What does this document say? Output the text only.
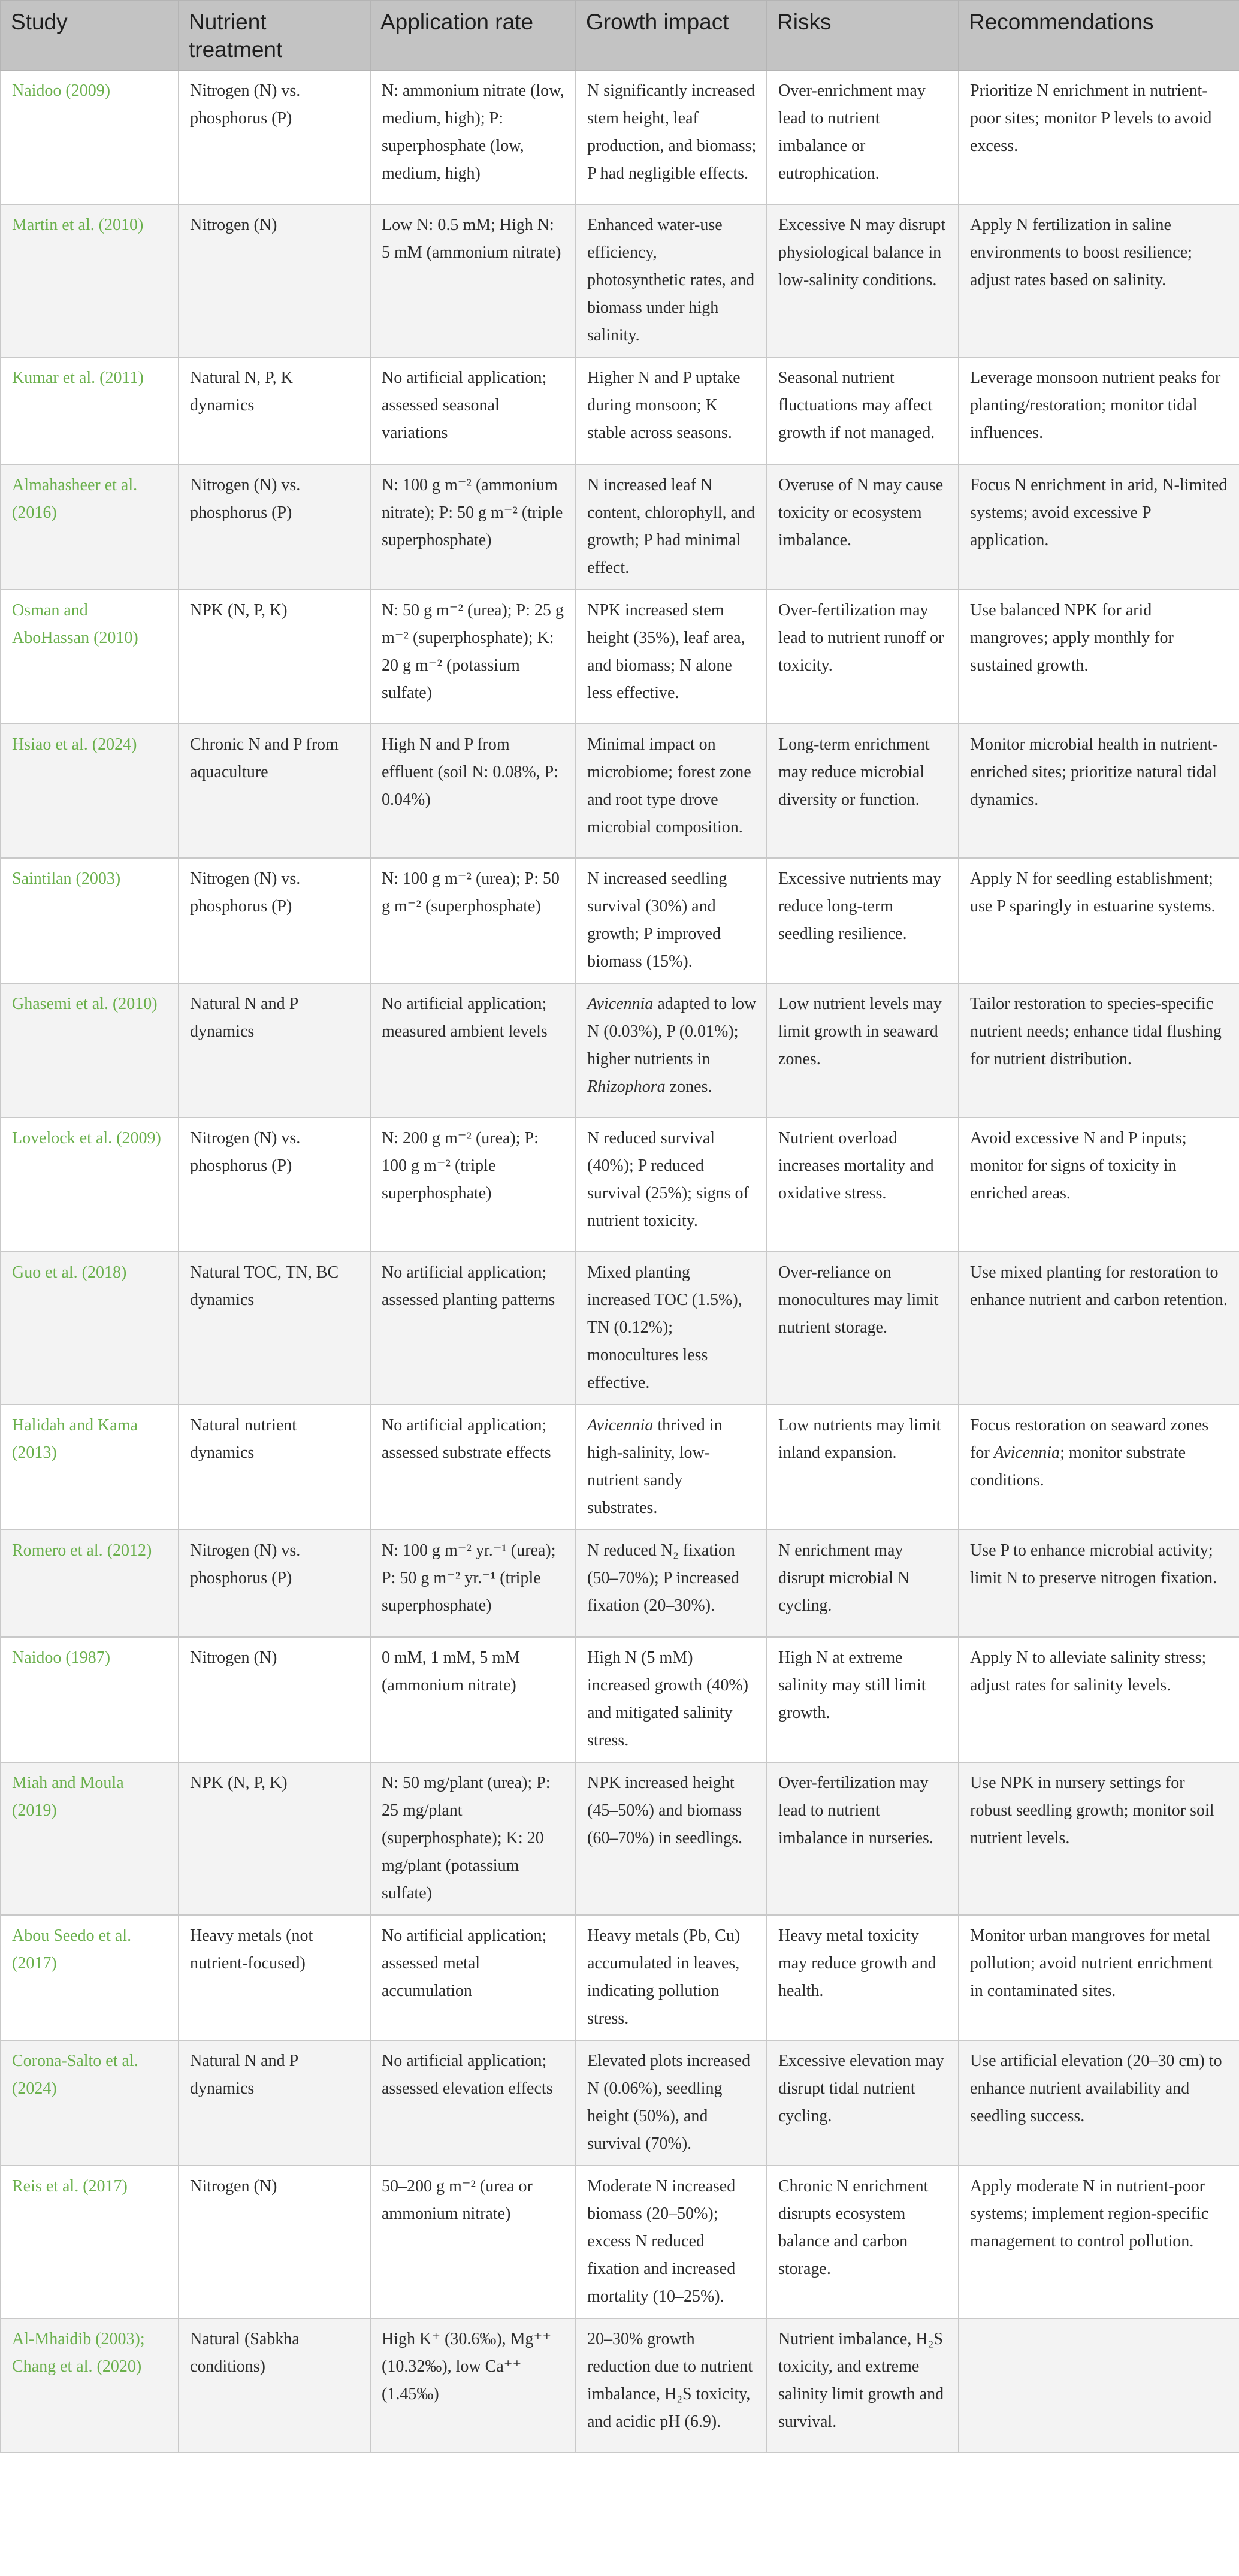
Study	Nutrient treatment	Application rate	Growth impact	Risks	Recommendations
Naidoo (2009)	Nitrogen (N) vs. phosphorus (P)	N: ammonium nitrate (low, medium, high); P: superphosphate (low, medium, high)	N significantly increased stem height, leaf production, and biomass; P had negligible effects.	Over-enrichment may lead to nutrient imbalance or eutrophication.	Prioritize N enrichment in nutrient-poor sites; monitor P levels to avoid excess.
Martin et al. (2010)	Nitrogen (N)	Low N: 0.5 mM; High N: 5 mM (ammonium nitrate)	Enhanced water-use efficiency, photosynthetic rates, and biomass under high salinity.	Excessive N may disrupt physiological balance in low-salinity conditions.	Apply N fertilization in saline environments to boost resilience; adjust rates based on salinity.
Kumar et al. (2011)	Natural N, P, K dynamics	No artificial application; assessed seasonal variations	Higher N and P uptake during monsoon; K stable across seasons.	Seasonal nutrient fluctuations may affect growth if not managed.	Leverage monsoon nutrient peaks for planting/restoration; monitor tidal influences.
Almahasheer et al. (2016)	Nitrogen (N) vs. phosphorus (P)	N: 100 g m⁻² (ammonium nitrate); P: 50 g m⁻² (triple superphosphate)	N increased leaf N content, chlorophyll, and growth; P had minimal effect.	Overuse of N may cause toxicity or ecosystem imbalance.	Focus N enrichment in arid, N-limited systems; avoid excessive P application.
Osman and AboHassan (2010)	NPK (N, P, K)	N: 50 g m⁻² (urea); P: 25 g m⁻² (superphosphate); K: 20 g m⁻² (potassium sulfate)	NPK increased stem height (35%), leaf area, and biomass; N alone less effective.	Over-fertilization may lead to nutrient runoff or toxicity.	Use balanced NPK for arid mangroves; apply monthly for sustained growth.
Hsiao et al. (2024)	Chronic N and P from aquaculture	High N and P from effluent (soil N: 0.08%, P: 0.04%)	Minimal impact on microbiome; forest zone and root type drove microbial composition.	Long-term enrichment may reduce microbial diversity or function.	Monitor microbial health in nutrient-enriched sites; prioritize natural tidal dynamics.
Saintilan (2003)	Nitrogen (N) vs. phosphorus (P)	N: 100 g m⁻² (urea); P: 50 g m⁻² (superphosphate)	N increased seedling survival (30%) and growth; P improved biomass (15%).	Excessive nutrients may reduce long-term seedling resilience.	Apply N for seedling establishment; use P sparingly in estuarine systems.
Ghasemi et al. (2010)	Natural N and P dynamics	No artificial application; measured ambient levels	Avicennia adapted to low N (0.03%), P (0.01%); higher nutrients in Rhizophora zones.	Low nutrient levels may limit growth in seaward zones.	Tailor restoration to species-specific nutrient needs; enhance tidal flushing for nutrient distribution.
Lovelock et al. (2009)	Nitrogen (N) vs. phosphorus (P)	N: 200 g m⁻² (urea); P: 100 g m⁻² (triple superphosphate)	N reduced survival (40%); P reduced survival (25%); signs of nutrient toxicity.	Nutrient overload increases mortality and oxidative stress.	Avoid excessive N and P inputs; monitor for signs of toxicity in enriched areas.
Guo et al. (2018)	Natural TOC, TN, BC dynamics	No artificial application; assessed planting patterns	Mixed planting increased TOC (1.5%), TN (0.12%); monocultures less effective.	Over-reliance on monocultures may limit nutrient storage.	Use mixed planting for restoration to enhance nutrient and carbon retention.
Halidah and Kama (2013)	Natural nutrient dynamics	No artificial application; assessed substrate effects	Avicennia thrived in high-salinity, low-nutrient sandy substrates.	Low nutrients may limit inland expansion.	Focus restoration on seaward zones for Avicennia; monitor substrate conditions.
Romero et al. (2012)	Nitrogen (N) vs. phosphorus (P)	N: 100 g m⁻² yr.⁻¹ (urea); P: 50 g m⁻² yr.⁻¹ (triple superphosphate)	N reduced N₂ fixation (50–70%); P increased fixation (20–30%).	N enrichment may disrupt microbial N cycling.	Use P to enhance microbial activity; limit N to preserve nitrogen fixation.
Naidoo (1987)	Nitrogen (N)	0 mM, 1 mM, 5 mM (ammonium nitrate)	High N (5 mM) increased growth (40%) and mitigated salinity stress.	High N at extreme salinity may still limit growth.	Apply N to alleviate salinity stress; adjust rates for salinity levels.
Miah and Moula (2019)	NPK (N, P, K)	N: 50 mg/plant (urea); P: 25 mg/plant (superphosphate); K: 20 mg/plant (potassium sulfate)	NPK increased height (45–50%) and biomass (60–70%) in seedlings.	Over-fertilization may lead to nutrient imbalance in nurseries.	Use NPK in nursery settings for robust seedling growth; monitor soil nutrient levels.
Abou Seedo et al. (2017)	Heavy metals (not nutrient-focused)	No artificial application; assessed metal accumulation	Heavy metals (Pb, Cu) accumulated in leaves, indicating pollution stress.	Heavy metal toxicity may reduce growth and health.	Monitor urban mangroves for metal pollution; avoid nutrient enrichment in contaminated sites.
Corona-Salto et al. (2024)	Natural N and P dynamics	No artificial application; assessed elevation effects	Elevated plots increased N (0.06%), seedling height (50%), and survival (70%).	Excessive elevation may disrupt tidal nutrient cycling.	Use artificial elevation (20–30 cm) to enhance nutrient availability and seedling success.
Reis et al. (2017)	Nitrogen (N)	50–200 g m⁻² (urea or ammonium nitrate)	Moderate N increased biomass (20–50%); excess N reduced fixation and increased mortality (10–25%).	Chronic N enrichment disrupts ecosystem balance and carbon storage.	Apply moderate N in nutrient-poor systems; implement region-specific management to control pollution.
Al-Mhaidib (2003); Chang et al. (2020)	Natural (Sabkha conditions)	High K⁺ (30.6‰), Mg⁺⁺ (10.32‰), low Ca⁺⁺ (1.45‰)	20–30% growth reduction due to nutrient imbalance, H₂S toxicity, and acidic pH (6.9).	Nutrient imbalance, H₂S toxicity, and extreme salinity limit growth and survival.	
